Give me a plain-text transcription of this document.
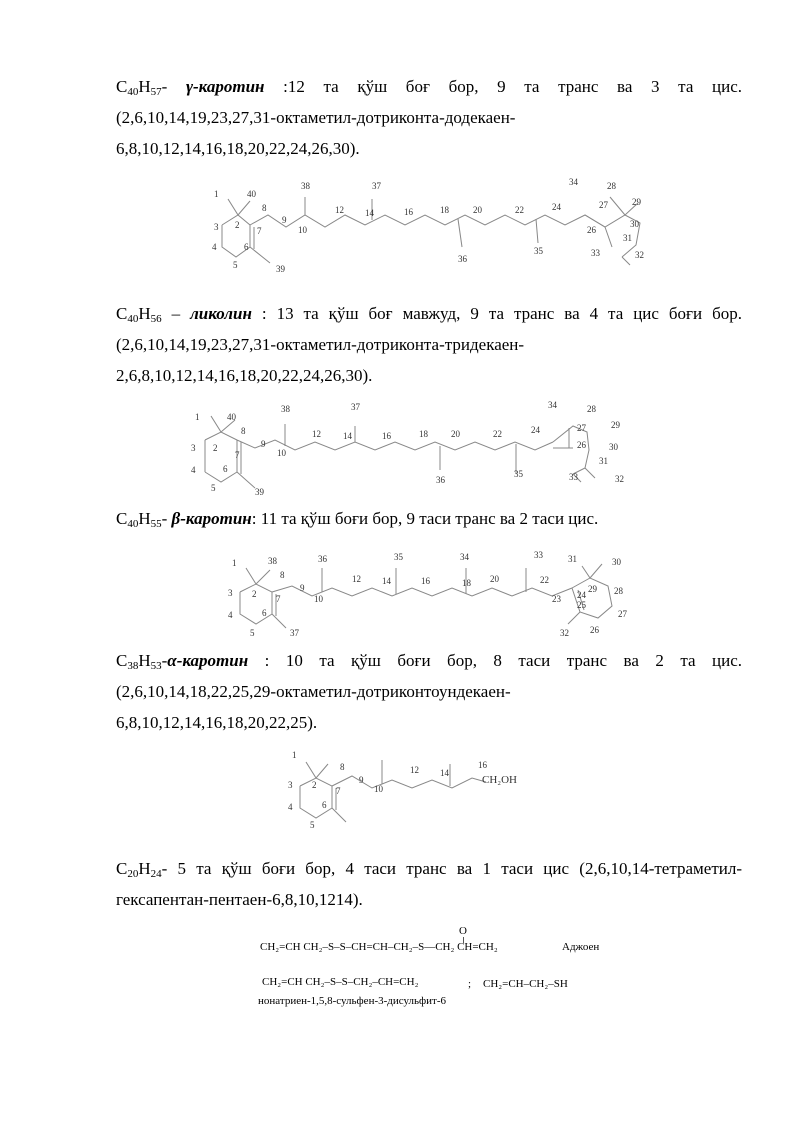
$C_{40}H_{57}-$ γ-каротин :12 та қўш боғ бор, 9 та транс ва 3 та цис.
(2,6,10,14,19,23,27,31-октаметил-дотриконта-додекаен-
6,8,10,12,14,16,18,20,22,24,26,30).
1	40
8
38	37
9
10
12 14	16	18	20	22	24
34	28
29
27
30
3 2
7	26
31
4	6
33	32
5	39
36
35
$C_{40}H_{56}$ – ликолин : 13 та қўш боғ мавжуд, 9 та транс ва 4 та цис боғи бор.
(2,6,10,14,19,23,27,31-октаметил-дотриконта-тридекаен-
2,6,8,10,12,14,16,18,20,22,24,26,30).
1	40
38	37
8
9
10
12 14	16	18	20	22	24
34	28
27	29
3 2
7
26	30
4	6
31
5	39
36
35	33	32
$C_{40}H_{55}-$ β-каротин: 11 та қўш боғи бор, 9 таси транс ва 2 таси цис.
1	38	36	35	34	33	31	30
8
9
10
12 14	16	18 20	22
29 28
3 2 7	24
23
25
4	6	27
5	37	32 26
$C_{38}H_{53}-\alpha$-каротин : 10 та қўш боғи бор, 8 таси транс ва 2 та цис.
(2,6,10,14,18,22,25,29-октаметил-дотриконтоундекаен-
6,8,10,12,14,16,18,20,22,25).
1
8
9
10
12 14
16
3 2
7
4	6
5
CH₂OH
$C_{20}H_{24}-$ 5 та қўш боғи бор, 4 таси транс ва 1 таси цис (2,6,10,14-тетраметил-
гексапентан-пентаен-6,8,10,1214).
O
CH₂=CH CH₂–S–S–CH=CH–CH₂–S—CH₂ CH=CH₂	Аджоен
CH₂=CH CH₂–S–S–CH₂–CH=CH₂	; CH₂=CH–CH₂–SH
нонатриен-1,5,8-сульфен-3-дисульфит-6
